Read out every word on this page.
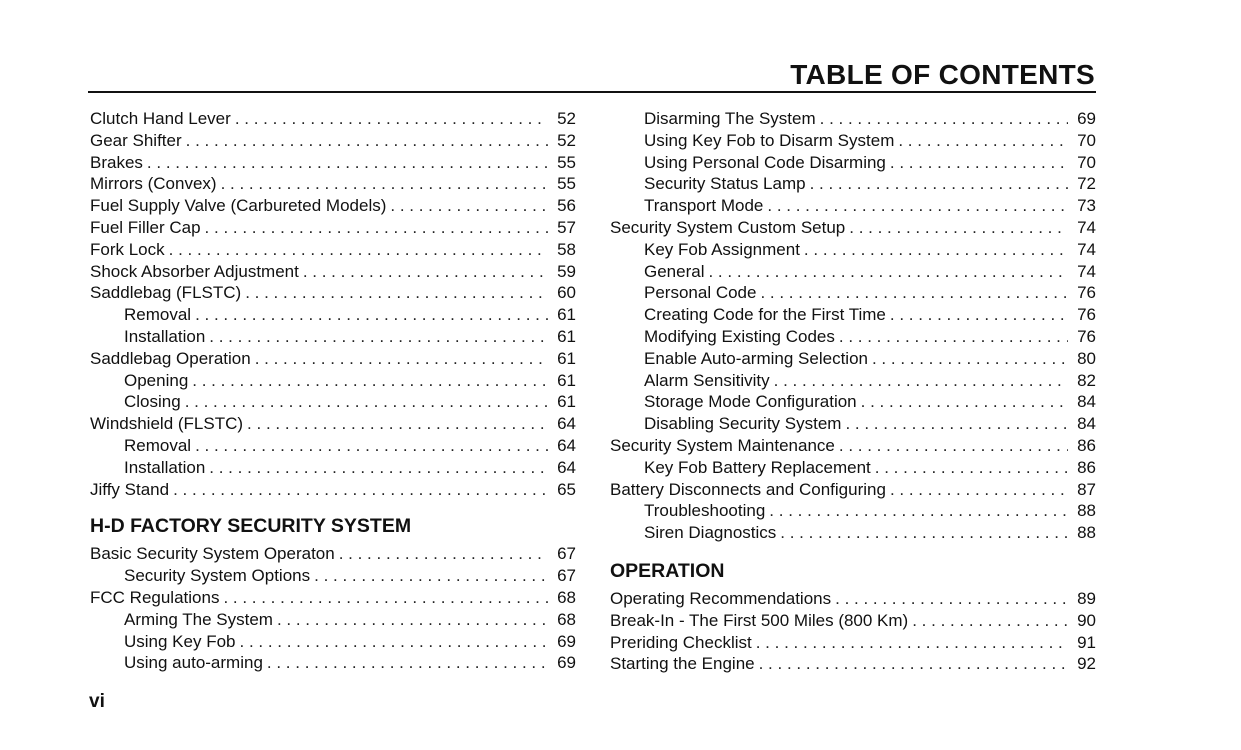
TABLE OF CONTENTS
Clutch Hand Lever . . .	52
Gear Shifter . . .	52
Brakes . . .	55
Mirrors (Convex) . . .	55
Fuel Supply Valve (Carbureted Models) . . .	56
Fuel Filler Cap . . .	57
Fork Lock . . .	58
Shock Absorber Adjustment . . .	59
Saddlebag (FLSTC) . . .	60
Removal . . .	61
Installation . . .	61
Saddlebag Operation . . .	61
Opening . . .	61
Closing . . .	61
Windshield (FLSTC) . . .	64
Removal . . .	64
Installation . . .	64
Jiffy Stand . . .	65
H-D FACTORY SECURITY SYSTEM
Basic Security System Operaton . . .	67
Security System Options . . .	67
FCC Regulations . . .	68
Arming The System . . .	68
Using Key Fob . . .	69
Using auto-arming . . .	69
Disarming The System . . .	69
Using Key Fob to Disarm System . . .	70
Using Personal Code Disarming . . .	70
Security Status Lamp . . .	72
Transport Mode . . .	73
Security System Custom Setup . . .	74
Key Fob Assignment . . .	74
General . . .	74
Personal Code . . .	76
Creating Code for the First Time . . .	76
Modifying Existing Codes . . .	76
Enable Auto-arming Selection . . .	80
Alarm Sensitivity . . .	82
Storage Mode Configuration . . .	84
Disabling Security System . . .	84
Security System Maintenance . . .	86
Key Fob Battery Replacement . . .	86
Battery Disconnects and Configuring . . .	87
Troubleshooting . . .	88
Siren Diagnostics . . .	88
OPERATION
Operating Recommendations . . .	89
Break-In - The First 500 Miles (800 Km) . . .	90
Preriding Checklist . . .	91
Starting the Engine . . .	92
vi
